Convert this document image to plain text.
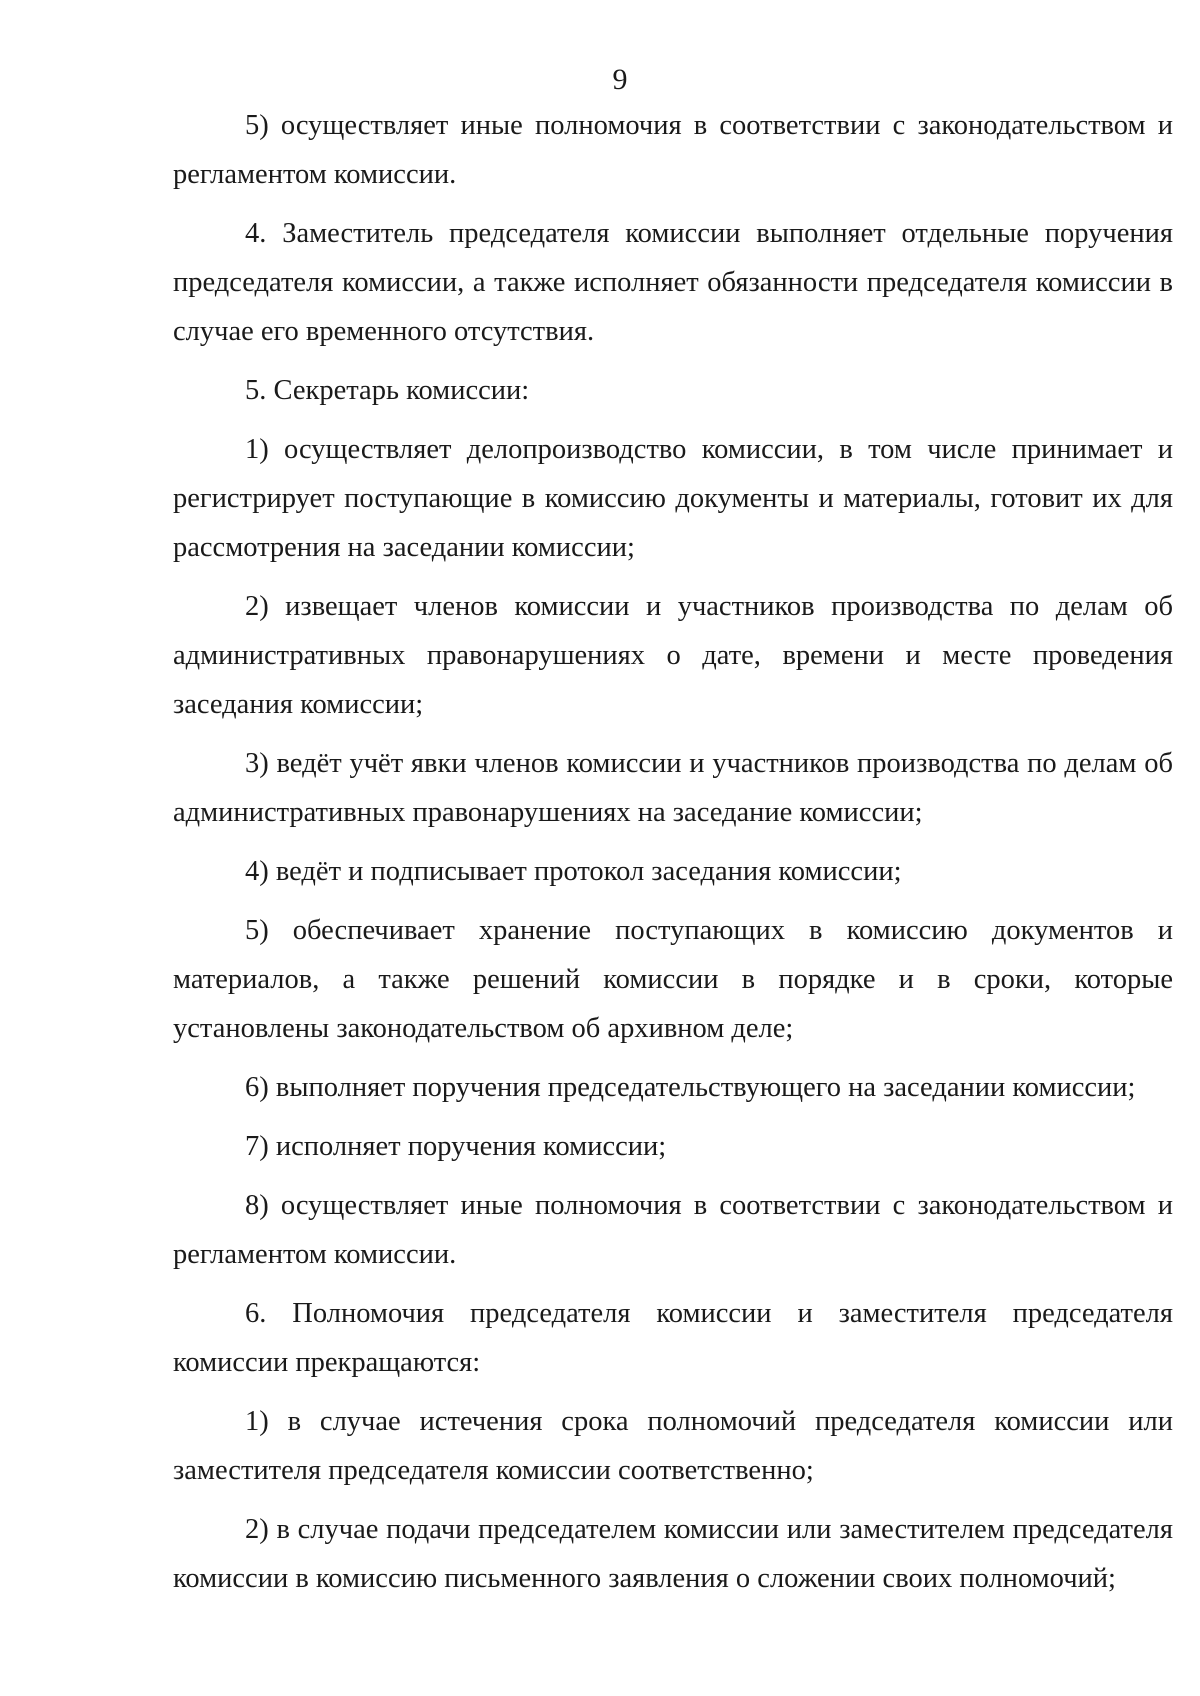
9

5) осуществляет иные полномочия в соответствии с законодательством и регламентом комиссии.

4. Заместитель председателя комиссии выполняет отдельные поручения председателя комиссии, а также исполняет обязанности председателя комиссии в случае его временного отсутствия.

5. Секретарь комиссии:

1) осуществляет делопроизводство комиссии, в том числе принимает и регистрирует поступающие в комиссию документы и материалы, готовит их для рассмотрения на заседании комиссии;

2) извещает членов комиссии и участников производства по делам об административных правонарушениях о дате, времени и месте проведения заседания комиссии;

3) ведёт учёт явки членов комиссии и участников производства по делам об административных правонарушениях на заседание комиссии;

4) ведёт и подписывает протокол заседания комиссии;

5) обеспечивает хранение поступающих в комиссию документов и материалов, а также решений комиссии в порядке и в сроки, которые установлены законодательством об архивном деле;

6) выполняет поручения председательствующего на заседании комиссии;

7) исполняет поручения комиссии;

8) осуществляет иные полномочия в соответствии с законодательством и регламентом комиссии.

6. Полномочия председателя комиссии и заместителя председателя комиссии прекращаются:

1) в случае истечения срока полномочий председателя комиссии или заместителя председателя комиссии соответственно;

2) в случае подачи председателем комиссии или заместителем председателя комиссии в комиссию письменного заявления о сложении своих полномочий;
